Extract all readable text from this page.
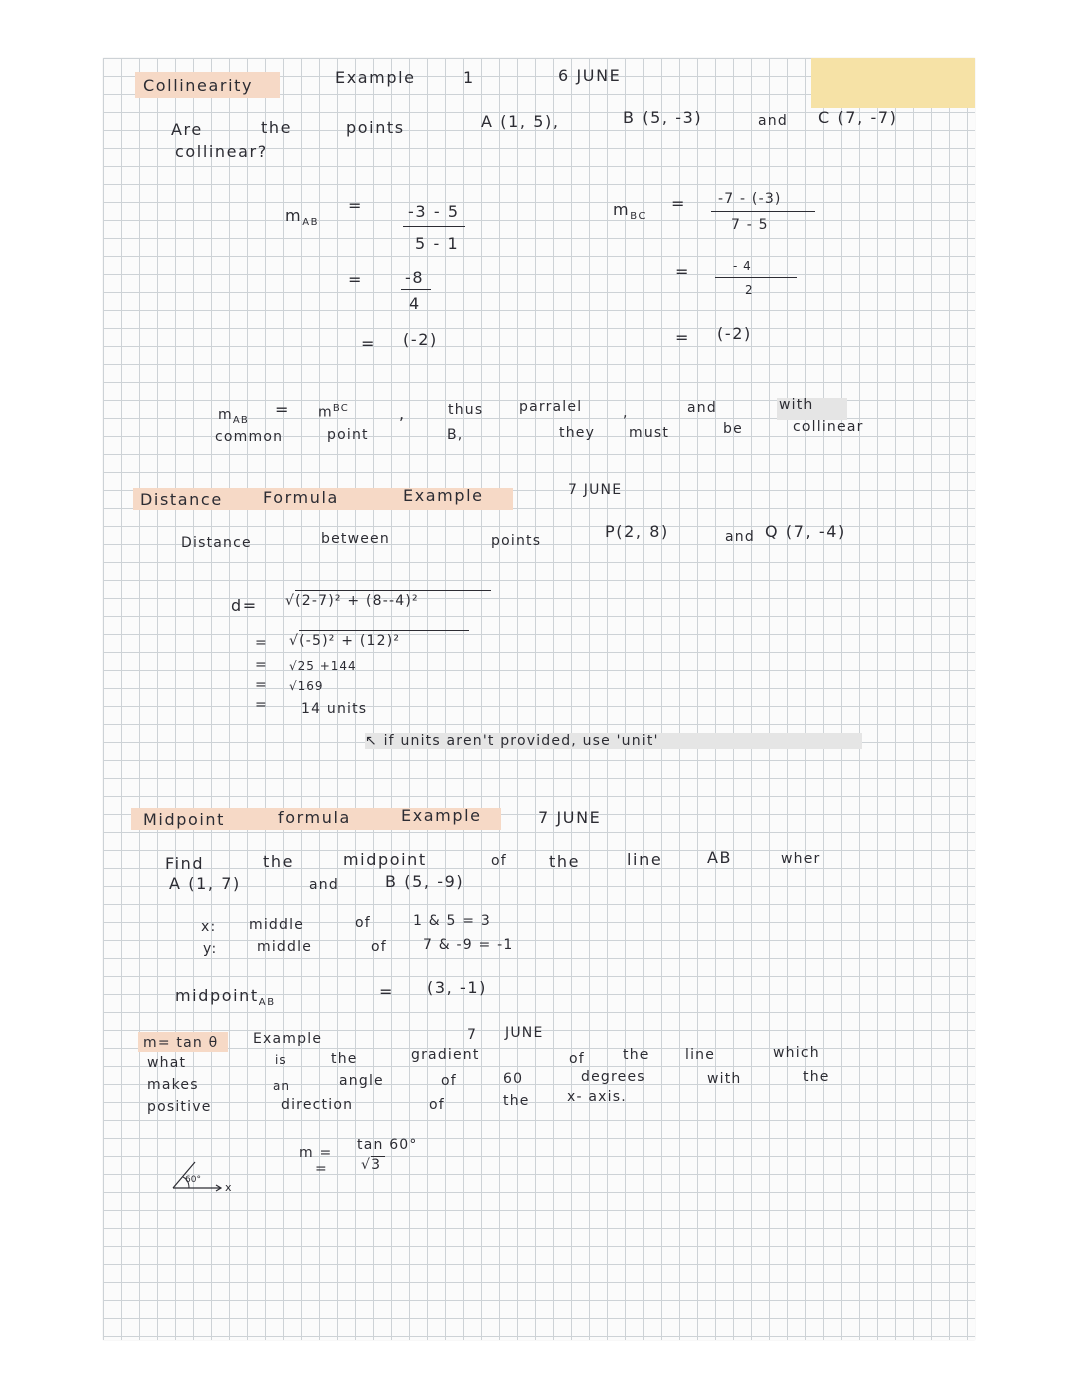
Collinearity	Example	1	6 JUNE
Are	the	points
collinear?
A (1, 5),	B (5, -3)	and C (7, -7)
$m_{AB}$
=	-3 - 5
5 - 1
=	-8
4
= (-2)
$m_{BC}$
= -7 - (-3)
7 - 5
=	- 4
2
= (-2)
$m_{AB}$
= $m^{BC}$	,	thus	parralel	,	and	with
common	point	B,	they must	be	collinear
Distance	Formula	Example	7 JUNE
Distance	between	points	P(2, 8)	and Q (7, -4)
d= √(2-7)² + (8--4)²
= √(-5)² + (12)²
= √25 +144
= √169
= 14 units
↖ if units aren't provided, use 'unit'
Midpoint	formula	Example	7 JUNE
Find	the	midpoint	of	the	line	AB	wher
A (1, 7)	and	B (5, -9)
x: middle	of	1 & 5 = 3
y:	middle	of	7 & -9 = -1
midpoint$_{AB}$
= (3, -1)
m= tan θ Example	7 JUNE
what	is	the	gradient	of	the	line	which
makes	an	angle	of	60	degrees	with	the
positive	direction	of	the	x- axis.
m = tan 60°
= √3
60°
x
